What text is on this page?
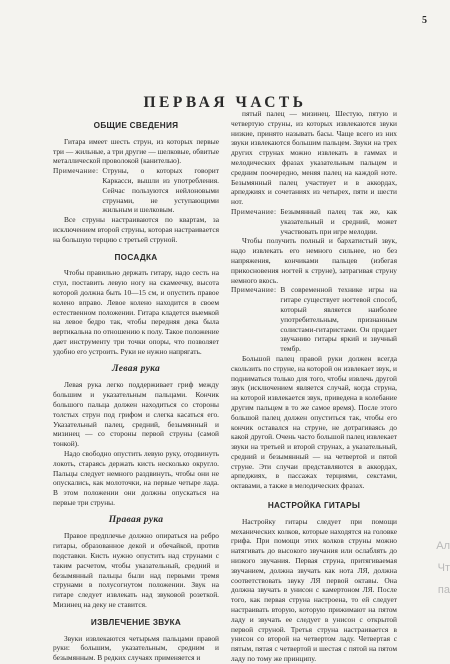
5
ПЕРВАЯ ЧАСТЬ
ОБЩИЕ СВЕДЕНИЯ

Гитара имеет шесть струн, из которых первые три — жильные, а три другие — шелковые, обвитые металлической проволокой (канителью).

Примечание: Струны, о которых говорит Каркасси, вышли из употребления. Сейчас пользуются нейлоновыми струнами, не уступающими жильным и шелковым.

Все струны настраиваются по квартам, за исключением второй струны, которая настраивается на большую терцию с третьей струной.

ПОСАДКА

Чтобы правильно держать гитару, надо сесть на стул, поставить левую ногу на скамеечку, высота которой должна быть 10—15 см, и опустить правое колено вправо. Левое колено находится в своем естественном положении. Гитара кладется выемкой на левое бедро так, чтобы передняя дека была вертикальна по отношению к полу. Такое положение дает инструменту три точки опоры, что позволяет удобно его устроить. Руки не нужно напрягать.

Левая рука

Левая рука легко поддерживает гриф между большим и указательным пальцами. Кончик большого пальца должен находиться со стороны толстых струн под грифом и слегка касаться его. Указательный палец, средний, безымянный и мизинец — со стороны первой струны (самой тонкой).

Надо свободно опустить левую руку, отодвинуть локоть, стараясь держать кисть несколько округло. Пальцы следует немного раздвинуть, чтобы они не опускались, как молоточки, на первые четыре лада. В этом положении они должны опускаться на первые три струны.

Правая рука

Правое предплечье должно опираться на ребро гитары, образованное декой и обечайкой, против подставки. Кисть нужно опустить над струнами с таким расчетом, чтобы указательный, средний и безымянный пальцы были над первыми тремя струнами в полусогнутом положении. Звук на гитаре следует извлекать над звуковой розеткой. Мизинец на деку не ставится.

ИЗВЛЕЧЕНИЕ ЗВУКА

Звуки извлекаются четырьмя пальцами правой руки: большим, указательным, средним и безымянным. В редких случаях применяется и

пятый палец — мизинец. Шестую, пятую и четвертую струны, из которых извлекаются звуки низкие, принято называть басы. Чаще всего из них звуки извлекаются большим пальцем. Звуки на трех других струнах можно извлекать в гаммах и мелодических фразах указательным пальцем и средним поочередно, меняя палец на каждой ноте. Безымянный палец участвует и в аккордах, арпеджиях и сочетаниях из четырех, пяти и шести нот.

Примечание: Безымянный палец так же, как указательный и средний, может участвовать при игре мелодии.

Чтобы получить полный и бархатистый звук, надо извлекать его немного сильнее, но без напряжения, кончиками пальцев (избегая прикосновения ногтей к струне), затрагивая струну немного вкось.

Примечание: В современной технике игры на гитаре существует ногтевой способ, который является наиболее употребительным, признанным солистами-гитаристами. Он придает звучанию гитары яркий и звучный тембр.

Большой палец правой руки должен всегда скользить по струне, на которой он извлекает звук, и подниматься только для того, чтобы извлечь другой звук (исключением является случай, когда струна, на которой извлекается звук, приведена в колебание другим пальцем в то же самое время). После этого большой палец должен опуститься так, чтобы его кончик оставался на струне, не дотрагиваясь до какой другой. Очень часто большой палец извлекает звуки на третьей и второй струнах, а указательный, средний и безымянный — на четвертой и пятой струне. Эти случаи представляются в аккордах, арпеджиях, в пассажах терциями, секстами, октавами, а также в мелодических фразах.

НАСТРОЙКА ГИТАРЫ

Настройку гитары следует при помощи механических колков, которые находятся на головке грифа. При помощи этих колков струны можно натягивать до высокого звучания или ослаблять до низкого звучания. Первая струна, притягиваемая звучанием, должна звучать как нота ЛЯ, должна соответствовать звуку ЛЯ первой октавы. Она должна звучать в унисон с камертоном ЛЯ. После того, как первая струна настроена, то ей следует настраивать вторую, которую прижимают на пятом ладу и звучать ее следует в унисон с открытой первой струной. Третья струна настраивается в унисон со второй на четвертом ладу. Четвертая с пятым, пятая с четвертой и шестая с пятой на пятом ладу по тому же принципу.

Ал
Чт
па
